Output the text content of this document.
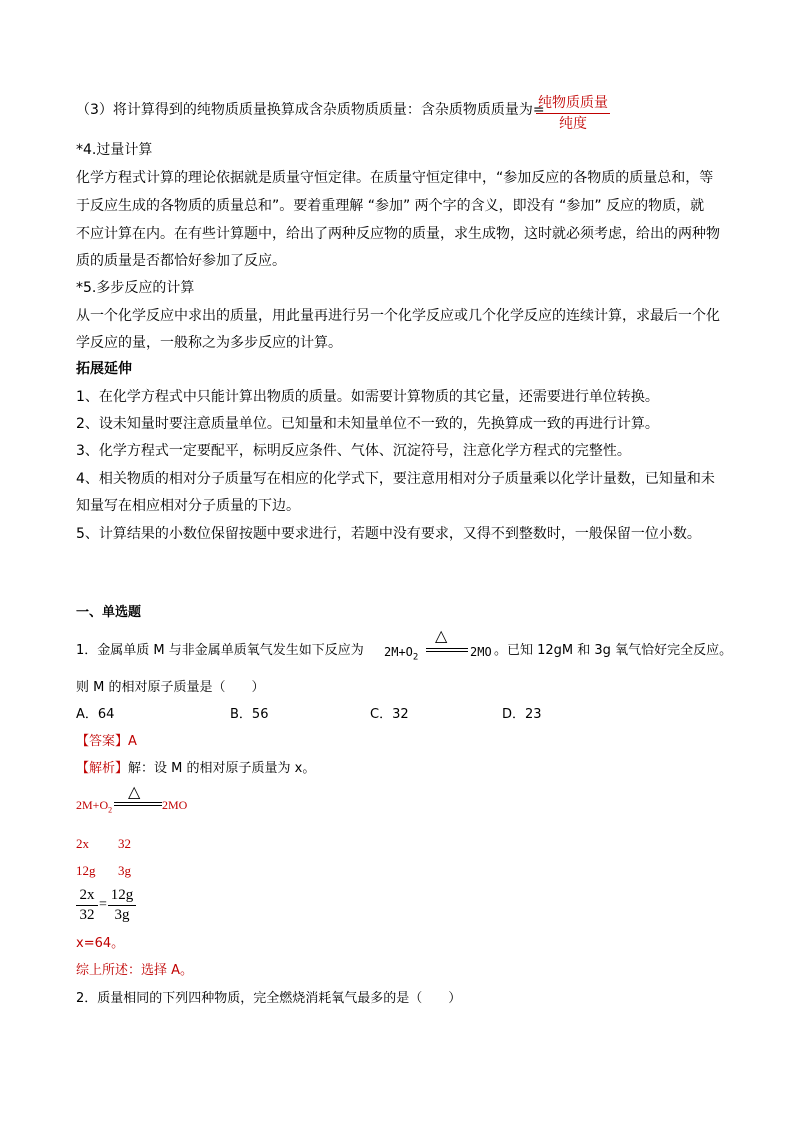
（3）将计算得到的纯物质质量换算成含杂质物质质量：含杂质物质质量为=
纯物质质量
纯度
*4.过量计算
化学方程式计算的理论依据就是质量守恒定律。在质量守恒定律中，“参加反应的各物质的质量总和，等
于反应生成的各物质的质量总和”。要着重理解 “参加” 两个字的含义，即没有 “参加” 反应的物质，就
不应计算在内。在有些计算题中，给出了两种反应物的质量，求生成物，这时就必须考虑，给出的两种物
质的质量是否都恰好参加了反应。
*5.多步反应的计算
从一个化学反应中求出的质量，用此量再进行另一个化学反应或几个化学反应的连续计算，求最后一个化
学反应的量，一般称之为多步反应的计算。
拓展延伸
1、在化学方程式中只能计算出物质的质量。如需要计算物质的其它量，还需要进行单位转换。
2、设未知量时要注意质量单位。已知量和未知量单位不一致的，先换算成一致的再进行计算。
3、化学方程式一定要配平，标明反应条件、气体、沉淀符号，注意化学方程式的完整性。
4、相关物质的相对分子质量写在相应的化学式下，要注意用相对分子质量乘以化学计量数，已知量和未
知量写在相应相对分子质量的下边。
5、计算结果的小数位保留按题中要求进行，若题中没有要求，又得不到整数时，一般保留一位小数。
一、单选题
1．金属单质 M 与非金属单质氧气发生如下反应为 $2M+O_2$
△
2MO 。已知 12gM 和 3g 氧气恰好完全反应。
则 M 的相对原子质量是（　　）
A．64	B．56	C．32	D．23
【答案】A
【解析】解：设 M 的相对原子质量为 x。
$2M+O_2$
△
2MO
2x 32
12g 3g
2x
32
=
12g
3g
x=64。
综上所述：选择 A。
2．质量相同的下列四种物质，完全燃烧消耗氧气最多的是（　　）
